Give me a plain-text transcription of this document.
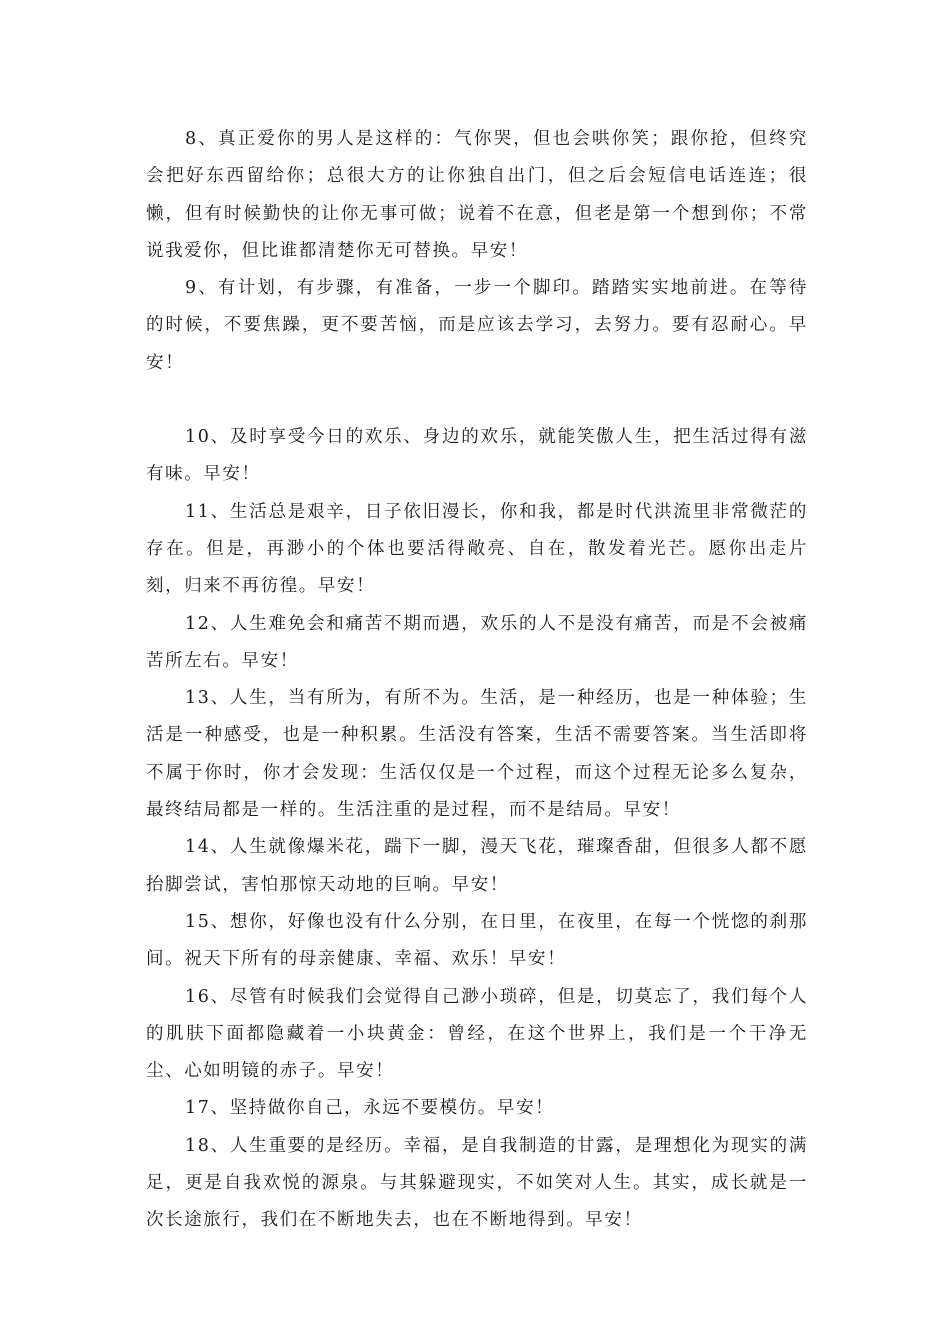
8、真正爱你的男人是这样的：气你哭，但也会哄你笑；跟你抢，但终究会把好东西留给你；总很大方的让你独自出门，但之后会短信电话连连；很懒，但有时候勤快的让你无事可做；说着不在意，但老是第一个想到你；不常说我爱你，但比谁都清楚你无可替换。早安！

9、有计划，有步骤，有准备，一步一个脚印。踏踏实实地前进。在等待的时候，不要焦躁，更不要苦恼，而是应该去学习，去努力。要有忍耐心。早安！

10、及时享受今日的欢乐、身边的欢乐，就能笑傲人生，把生活过得有滋有味。早安！

11、生活总是艰辛，日子依旧漫长，你和我，都是时代洪流里非常微茫的存在。但是，再渺小的个体也要活得敞亮、自在，散发着光芒。愿你出走片刻，归来不再彷徨。早安！

12、人生难免会和痛苦不期而遇，欢乐的人不是没有痛苦，而是不会被痛苦所左右。早安！

13、人生，当有所为，有所不为。生活，是一种经历，也是一种体验；生活是一种感受，也是一种积累。生活没有答案，生活不需要答案。当生活即将不属于你时，你才会发现：生活仅仅是一个过程，而这个过程无论多么复杂，最终结局都是一样的。生活注重的是过程，而不是结局。早安！

14、人生就像爆米花，踹下一脚，漫天飞花，璀璨香甜，但很多人都不愿抬脚尝试，害怕那惊天动地的巨响。早安！

15、想你，好像也没有什么分别，在日里，在夜里，在每一个恍惚的刹那间。祝天下所有的母亲健康、幸福、欢乐！早安！

16、尽管有时候我们会觉得自己渺小琐碎，但是，切莫忘了，我们每个人的肌肤下面都隐藏着一小块黄金：曾经，在这个世界上，我们是一个干净无尘、心如明镜的赤子。早安！

17、坚持做你自己，永远不要模仿。早安！

18、人生重要的是经历。幸福，是自我制造的甘露，是理想化为现实的满足，更是自我欢悦的源泉。与其躲避现实，不如笑对人生。其实，成长就是一次长途旅行，我们在不断地失去，也在不断地得到。早安！
